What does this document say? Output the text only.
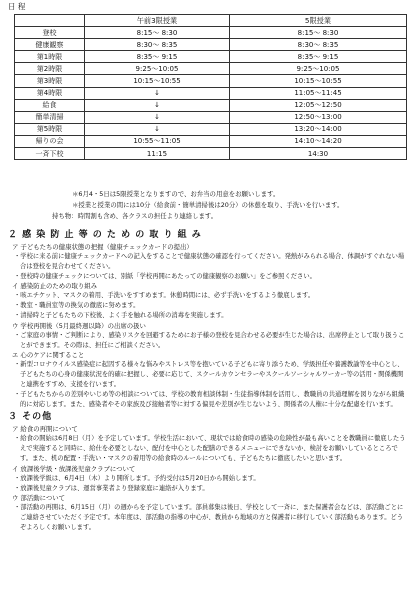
日 程
	午前3限授業	5限授業
登校	8:15～ 8:30	8:15～ 8:30
健康観察	8:30～ 8:35	8:30～ 8:35
第1時限	8:35～ 9:15	8:35～ 9:15
第2時限	9:25～10:05	9:25～10:05
第3時限	10:15～10:55	10:15～10:55
第4時限	↓	11:05～11:45
給食	↓	12:05～12:50
簡単清掃	↓	12:50～13:00
第5時限	↓	13:20～14:00
帰りの会	10:55～11:05	14:10～14:20
一斉下校	11:15	14:30
＊6月4・5日は5限授業となりますので、お弁当の用意をお願いします。
＊授業と授業の間には10分（給食前・簡単清掃後は20分）の休憩を取り、手洗いを行います。
持ち物：時間割も含め、各クラスの担任より連絡します。
２ 感 染 防 止 等 の た め の 取 り 組 み
ア 子どもたちの健康状態の把握（健康チェックカードの提出）
・学校に来る前に健康チェックカードへの記入をすることで健康状態の確認を行ってください。発熱がみられる場合、体調がすぐれない場合は登校を見合わせてください。
・登校時の健康チェックについては、別紙「学校再開にあたっての健康観察のお願い」をご参照ください。
イ 感染防止のための取り組み
・咳エチケット、マスクの着用、手洗いをすすめます。休憩時間には、必ず手洗いをするよう徹底します。
・教室・職員室等の換気の徹底に努めます。
・清掃時と子どもたちの下校後、よく手を触れる場所の消毒を実施します。
ウ 学校再開後（5月最終週以降）の出席の扱い
・ご家庭の事情・ご判断により、感染リスクを回避するためにお子様の登校を見合わせる必要が生じた場合は、出席停止として取り扱うことができます。その際は、担任にご相談ください。
エ 心のケアに関すること
・新型コロナウイルス感染症に起因する様々な悩みやストレス等を抱いている子どもに寄り添うため、学級担任や養護教諭等を中心とし、子どもたちの心身の健康状況を的確に把握し、必要に応じて、スクールカウンセラーやスクールソーシャルワーカー等の活用・関係機関と連携をすすめ、支援を行います。
・子どもたちからの差別やいじめ等の相談については、学校の教育相談体制・生徒指導体制を活用し、教職員の共通理解を図りながら組織的に対応します。また、感染者やその家族及び接触者等に対する偏見や差別が生じないよう、関係者の人権に十分な配慮を行います。
３ その他
ア 給食の再開について
・給食の開始は6月8日（月）を予定しています。学校生活において、現状では給食時の感染の危険性が最も高いことを教職員に徹底したうえで実施すると同時に、給仕を必要としない、配付を中心とした配膳のできるメニューにできないか、検討をお願いしているところです。また、机の配置・手洗い・マスクの着用等の給食時のルールについても、子どもたちに徹底したいと思います。
イ 放課後学級・放課後児童クラブについて
・放課後学級は、6月4日（木）より開所します。予約受付は5月20日から開始します。
・放課後児童クラブは、運営事業者より登録家庭に連絡が入ります。
ウ 部活動について
・部活動の再開は、6月15日（月）の週からを予定しています。部員募集は後日、学校として一斉に、また保護者会などは、部活動ごとにご連絡させていただく予定です。本年度は、部活動の指導の中心が、教員から地域の方と保護者に移行していく部活動もあります。どうぞよろしくお願いします。
